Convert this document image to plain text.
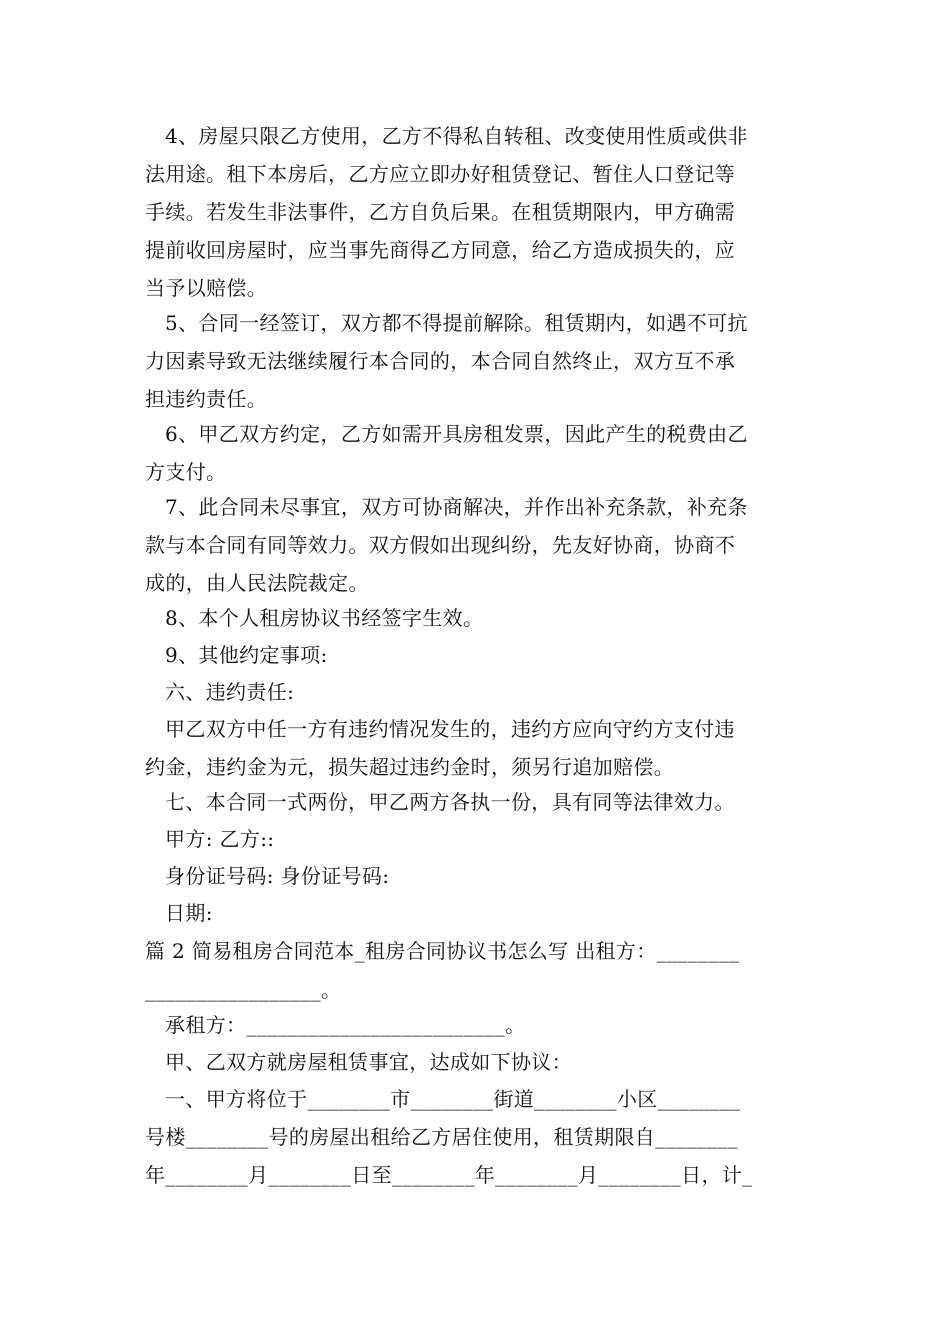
4、房屋只限乙方使用，乙方不得私自转租、改变使用性质或供非
法用途。租下本房后，乙方应立即办好租赁登记、暂住人口登记等
手续。若发生非法事件，乙方自负后果。在租赁期限内，甲方确需
提前收回房屋时，应当事先商得乙方同意，给乙方造成损失的，应
当予以赔偿。
5、合同一经签订，双方都不得提前解除。租赁期内，如遇不可抗
力因素导致无法继续履行本合同的，本合同自然终止，双方互不承
担违约责任。
6、甲乙双方约定，乙方如需开具房租发票，因此产生的税费由乙
方支付。
7、此合同未尽事宜，双方可协商解决，并作出补充条款，补充条
款与本合同有同等效力。双方假如出现纠纷，先友好协商，协商不
成的，由人民法院裁定。
8、本个人租房协议书经签字生效。
9、其他约定事项:
六、违约责任:
甲乙双方中任一方有违约情况发生的，违约方应向守约方支付违
约金，违约金为元，损失超过违约金时，须另行追加赔偿。
七、本合同一式两份，甲乙两方各执一份，具有同等法律效力。
甲方: 乙方::
身份证号码: 身份证号码:
日期:
篇 2 简易租房合同范本_租房合同协议书怎么写 出租方：________
_________________。
承租方：_________________________。
甲、乙双方就房屋租赁事宜，达成如下协议：
一、甲方将位于________市________街道________小区________
号楼________号的房屋出租给乙方居住使用，租赁期限自________
年________月________日至________年________月________日，计_
